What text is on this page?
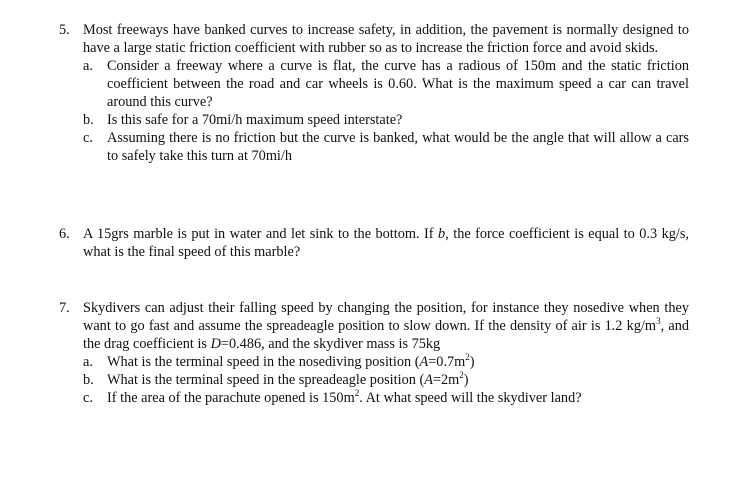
5. Most freeways have banked curves to increase safety, in addition, the pavement is normally designed to have a large static friction coefficient with rubber so as to increase the friction force and avoid skids.

a. Consider a freeway where a curve is flat, the curve has a radious of 150m and the static friction coefficient between the road and car wheels is 0.60. What is the maximum speed a car can travel around this curve?

b. Is this safe for a 70mi/h maximum speed interstate?

c. Assuming there is no friction but the curve is banked, what would be the angle that will allow a cars to safely take this turn at 70mi/h

6. A 15grs marble is put in water and let sink to the bottom. If b, the force coefficient is equal to 0.3 kg/s, what is the final speed of this marble?

7. Skydivers can adjust their falling speed by changing the position, for instance they nosedive when they want to go fast and assume the spreadeagle position to slow down. If the density of air is 1.2 $kg/m^3$, and the drag coefficient is D=0.486, and the skydiver mass is 75kg

a. What is the terminal speed in the nosediving position $(A=0.7m^2)$

b. What is the terminal speed in the spreadeagle position $(A=2m^2)$

c. If the area of the parachute opened is $150m^2$. At what speed will the skydiver land?
